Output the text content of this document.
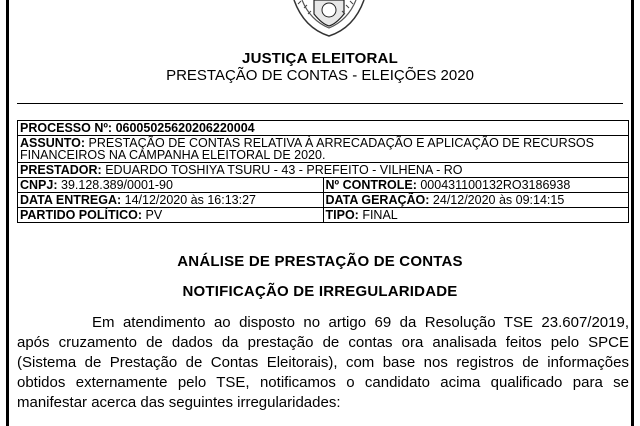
JUSTIÇA ELEITORAL
PRESTAÇÃO DE CONTAS - ELEIÇÕES 2020
PROCESSO Nº: 06005025620206220004	
ASSUNTO: PRESTAÇÃO DE CONTAS RELATIVA À ARRECADAÇÃO E APLICAÇÃO DE RECURSOS FINANCEIROS NA CAMPANHA ELEITORAL DE 2020.	
PRESTADOR: EDUARDO TOSHIYA TSURU - 43 - PREFEITO - VILHENA - RO	
CNPJ: 39.128.389/0001-90	Nº CONTROLE: 000431100132RO3186938
DATA ENTREGA: 14/12/2020 às 16:13:27	DATA GERAÇÃO: 24/12/2020 às 09:14:15
PARTIDO POLÍTICO: PV	TIPO: FINAL
ANÁLISE DE PRESTAÇÃO DE CONTAS
NOTIFICAÇÃO DE IRREGULARIDADE
Em atendimento ao disposto no artigo 69 da Resolução TSE 23.607/2019,
após cruzamento de dados da prestação de contas ora analisada feitos pelo SPCE
(Sistema de Prestação de Contas Eleitorais), com base nos registros de informações
obtidos externamente pelo TSE, notificamos o candidato acima qualificado para se
manifestar acerca das seguintes irregularidades:
